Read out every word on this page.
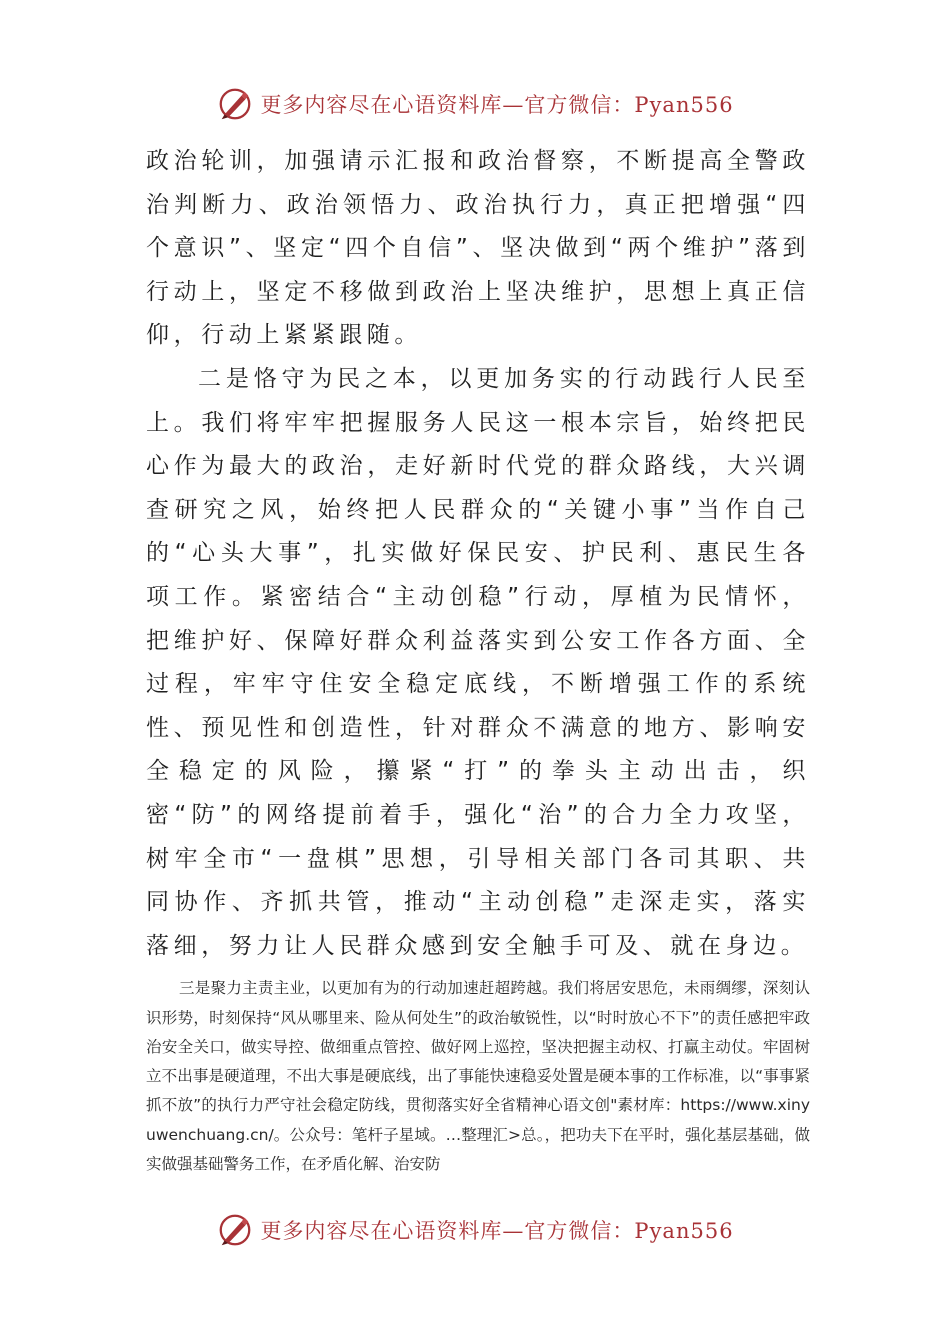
更多内容尽在心语资料库—官方微信：Pyan556

政治轮训，加强请示汇报和政治督察，不断提高全警政治判断力、政治领悟力、政治执行力，真正把增强“四个意识”、坚定“四个自信”、坚决做到“两个维护”落到行动上，坚定不移做到政治上坚决维护，思想上真正信仰，行动上紧紧跟随。

二是恪守为民之本，以更加务实的行动践行人民至上。我们将牢牢把握服务人民这一根本宗旨，始终把民心作为最大的政治，走好新时代党的群众路线，大兴调查研究之风，始终把人民群众的“关键小事”当作自己的“心头大事”，扎实做好保民安、护民利、惠民生各项工作。紧密结合“主动创稳”行动，厚植为民情怀，把维护好、保障好群众利益落实到公安工作各方面、全过程，牢牢守住安全稳定底线，不断增强工作的系统性、预见性和创造性，针对群众不满意的地方、影响安全稳定的风险，攥紧“打”的拳头主动出击，织密“防”的网络提前着手，强化“治”的合力全力攻坚，树牢全市“一盘棋”思想，引导相关部门各司其职、共同协作、齐抓共管，推动“主动创稳”走深走实，落实落细，努力让人民群众感到安全触手可及、就在身边。

三是聚力主责主业，以更加有为的行动加速赶超跨越。我们将居安思危，未雨绸缪，深刻认识形势，时刻保持“风从哪里来、险从何处生”的政治敏锐性，以“时时放心不下”的责任感把牢政治安全关口，做实导控、做细重点管控、做好网上巡控，坚决把握主动权、打赢主动仗。牢固树立不出事是硬道理，不出大事是硬底线，出了事能快速稳妥处置是硬本事的工作标准，以“事事紧抓不放”的执行力严守社会稳定防线，贯彻落实好全省精神心语文创"素材库：https://www.xinyuwenchuang.cn/。公众号：笔杆子星域。…整理汇>总。，把功夫下在平时，强化基层基础，做实做强基础警务工作，在矛盾化解、治安防

更多内容尽在心语资料库—官方微信：Pyan556
